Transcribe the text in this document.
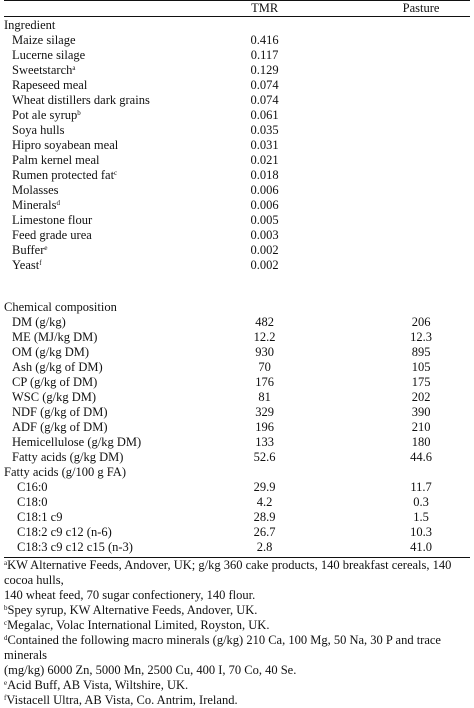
TMR	Pasture
Ingredient		
Maize silage	0.416	
Lucerne silage	0.117	
Sweetstarch$^a$	0.129	
Rapeseed meal	0.074	
Wheat distillers dark grains	0.074	
Pot ale syrup$^b$	0.061	
Soya hulls	0.035	
Hipro soyabean meal	0.031	
Palm kernel meal	0.021	
Rumen protected fat$^c$	0.018	
Molasses	0.006	
Minerals$^d$	0.006	
Limestone flour	0.005	
Feed grade urea	0.003	
Buffer$^e$	0.002	
Yeast$^f$	0.002	

Chemical composition		
DM (g/kg)	482	206
ME (MJ/kg DM)	12.2	12.3
OM (g/kg DM)	930	895
Ash (g/kg of DM)	70	105
CP (g/kg of DM)	176	175
WSC (g/kg DM)	81	202
NDF (g/kg of DM)	329	390
ADF (g/kg of DM)	196	210
Hemicellulose (g/kg DM)	133	180
Fatty acids (g/kg DM)	52.6	44.6
Fatty acids (g/100 g FA)		
C16:0	29.9	11.7
C18:0	4.2	0.3
C18:1 c9	28.9	1.5
C18:2 c9 c12 (n-6)	26.7	10.3
C18:3 c9 c12 c15 (n-3)	2.8	41.0

$^a$KW Alternative Feeds, Andover, UK; g/kg 360 cake products, 140 breakfast cereals, 140 cocoa hulls,

140 wheat feed, 70 sugar confectionery, 140 flour.

$^b$Spey syrup, KW Alternative Feeds, Andover, UK.

$^c$Megalac, Volac International Limited, Royston, UK.

$^d$Contained the following macro minerals (g/kg) 210 Ca, 100 Mg, 50 Na, 30 P and trace minerals

(mg/kg) 6000 Zn, 5000 Mn, 2500 Cu, 400 I, 70 Co, 40 Se.

$^e$Acid Buff, AB Vista, Wiltshire, UK.

$^f$Vistacell Ultra, AB Vista, Co. Antrim, Ireland.
